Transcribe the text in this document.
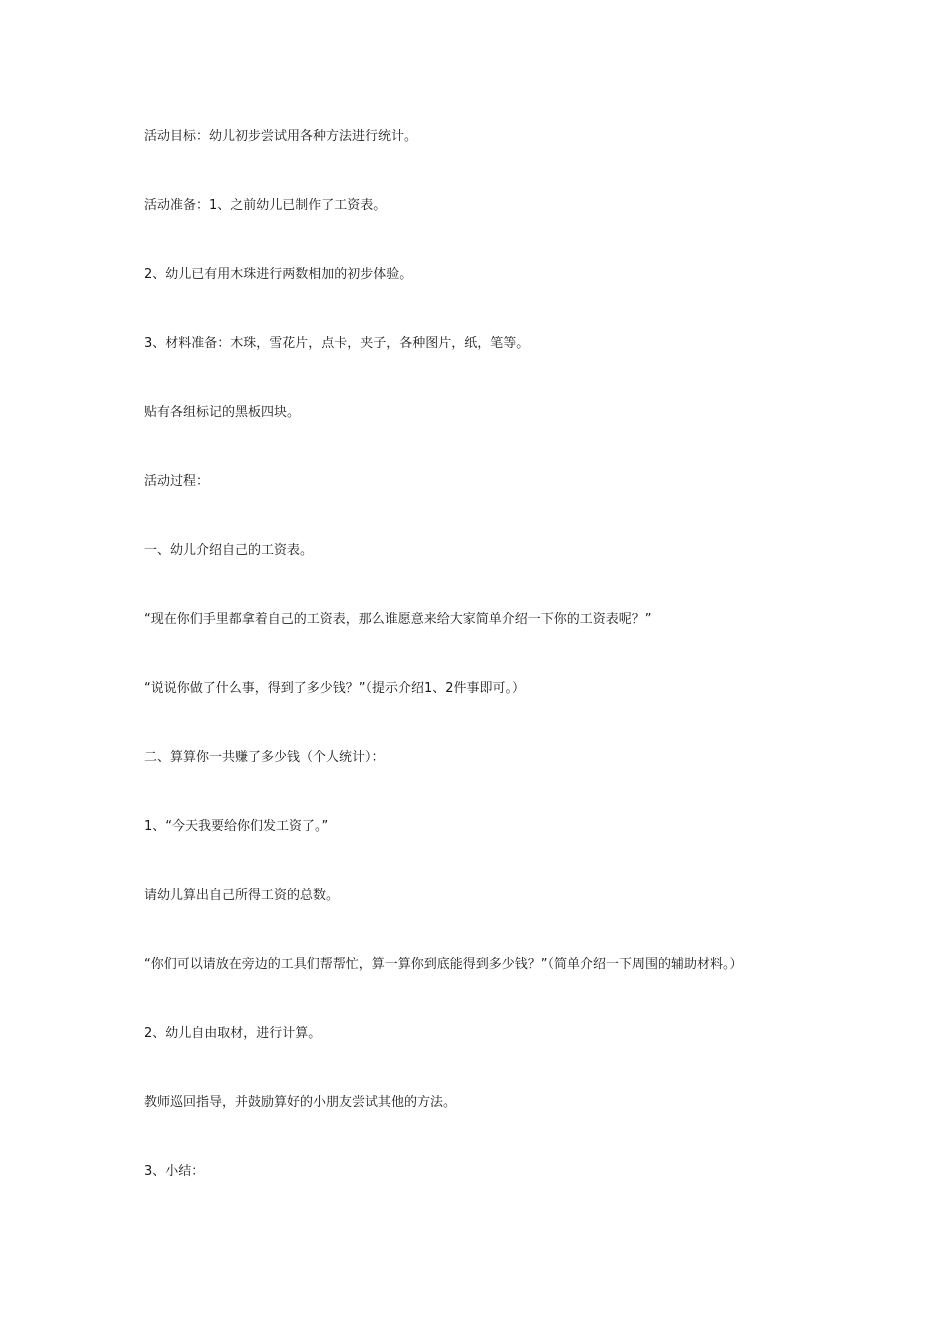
活动目标：幼儿初步尝试用各种方法进行统计。

活动准备：1、之前幼儿已制作了工资表。

2、幼儿已有用木珠进行两数相加的初步体验。

3、材料准备：木珠，雪花片，点卡，夹子，各种图片，纸，笔等。

贴有各组标记的黑板四块。

活动过程：

一、幼儿介绍自己的工资表。

“现在你们手里都拿着自己的工资表，那么谁愿意来给大家简单介绍一下你的工资表呢？”

“说说你做了什么事，得到了多少钱？”（提示介绍1、2件事即可。）

二、算算你一共赚了多少钱（个人统计）：

1、“今天我要给你们发工资了。”

请幼儿算出自己所得工资的总数。

“你们可以请放在旁边的工具们帮帮忙，算一算你到底能得到多少钱？”（简单介绍一下周围的辅助材料。）

2、幼儿自由取材，进行计算。

教师巡回指导，并鼓励算好的小朋友尝试其他的方法。

3、小结：
